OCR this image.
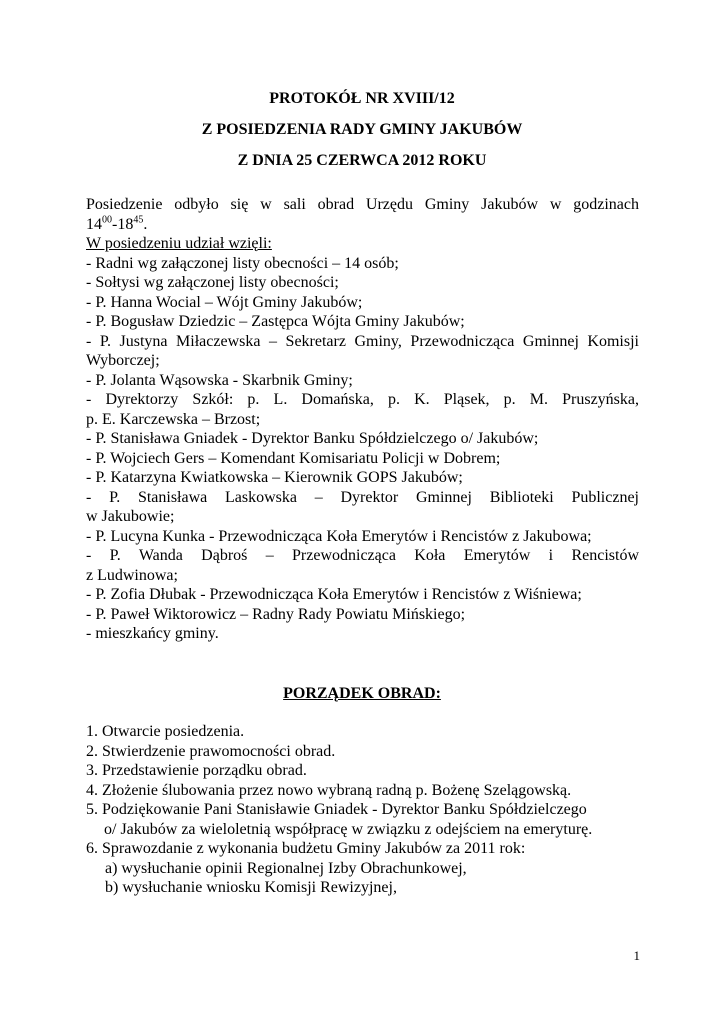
PROTOKÓŁ NR XVIII/12
Z POSIEDZENIA RADY GMINY JAKUBÓW
Z DNIA 25 CZERWCA 2012 ROKU
Posiedzenie odbyło się w sali obrad Urzędu Gminy Jakubów w godzinach
$14^{00}-18^{45}$.
W posiedzeniu udział wzięli:
- Radni wg załączonej listy obecności – 14 osób;
- Sołtysi wg załączonej listy obecności;
- P. Hanna Wocial – Wójt Gminy Jakubów;
- P. Bogusław Dziedzic – Zastępca Wójta Gminy Jakubów;
- P. Justyna Miłaczewska – Sekretarz Gminy, Przewodnicząca Gminnej Komisji
Wyborczej;
- P. Jolanta Wąsowska - Skarbnik Gminy;
- Dyrektorzy Szkół: p. L. Domańska, p. K. Pląsek, p. M. Pruszyńska,
p. E. Karczewska – Brzost;
- P. Stanisława Gniadek - Dyrektor Banku Spółdzielczego o/ Jakubów;
- P. Wojciech Gers – Komendant Komisariatu Policji w Dobrem;
- P. Katarzyna Kwiatkowska – Kierownik GOPS Jakubów;
- P. Stanisława Laskowska – Dyrektor Gminnej Biblioteki Publicznej
w Jakubowie;
- P. Lucyna Kunka - Przewodnicząca Koła Emerytów i Rencistów z Jakubowa;
- P. Wanda Dąbroś – Przewodnicząca Koła Emerytów i Rencistów
z Ludwinowa;
- P. Zofia Dłubak - Przewodnicząca Koła Emerytów i Rencistów z Wiśniewa;
- P. Paweł Wiktorowicz – Radny Rady Powiatu Mińskiego;
- mieszkańcy gminy.
PORZĄDEK OBRAD:
1. Otwarcie posiedzenia.
2. Stwierdzenie prawomocności obrad.
3. Przedstawienie porządku obrad.
4. Złożenie ślubowania przez nowo wybraną radną p. Bożenę Szelągowską.
5. Podziękowanie Pani Stanisławie Gniadek - Dyrektor Banku Spółdzielczego
o/ Jakubów za wieloletnią współpracę w związku z odejściem na emeryturę.
6. Sprawozdanie z wykonania budżetu Gminy Jakubów za 2011 rok:
a) wysłuchanie opinii Regionalnej Izby Obrachunkowej,
b) wysłuchanie wniosku Komisji Rewizyjnej,
1
